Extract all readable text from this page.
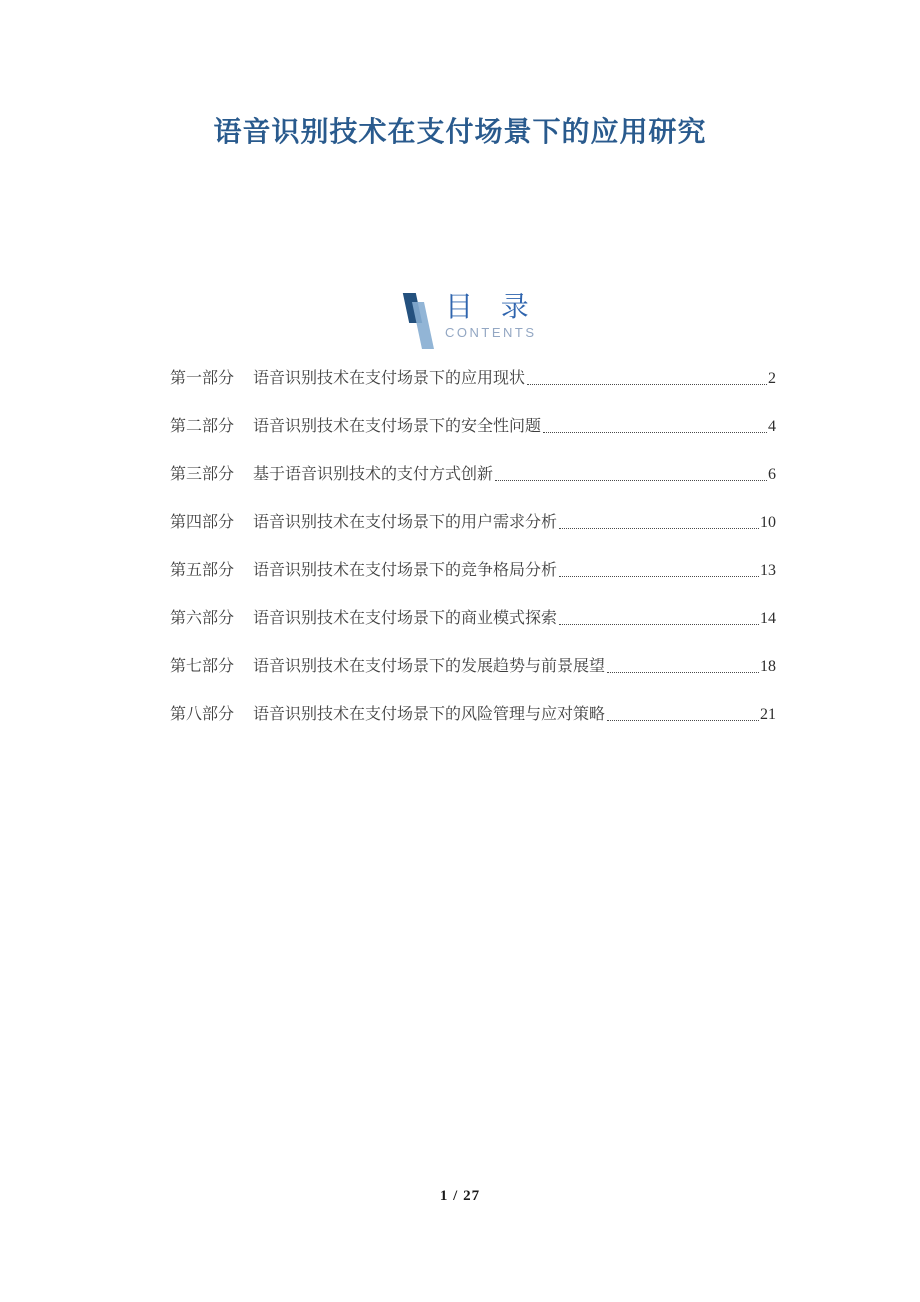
语音识别技术在支付场景下的应用研究
目 录
CONTENTS
第一部分 语音识别技术在支付场景下的应用现状	2
第二部分 语音识别技术在支付场景下的安全性问题	4
第三部分 基于语音识别技术的支付方式创新	6
第四部分 语音识别技术在支付场景下的用户需求分析	10
第五部分 语音识别技术在支付场景下的竞争格局分析	13
第六部分 语音识别技术在支付场景下的商业模式探索	14
第七部分 语音识别技术在支付场景下的发展趋势与前景展望	18
第八部分 语音识别技术在支付场景下的风险管理与应对策略	21
1 / 27
